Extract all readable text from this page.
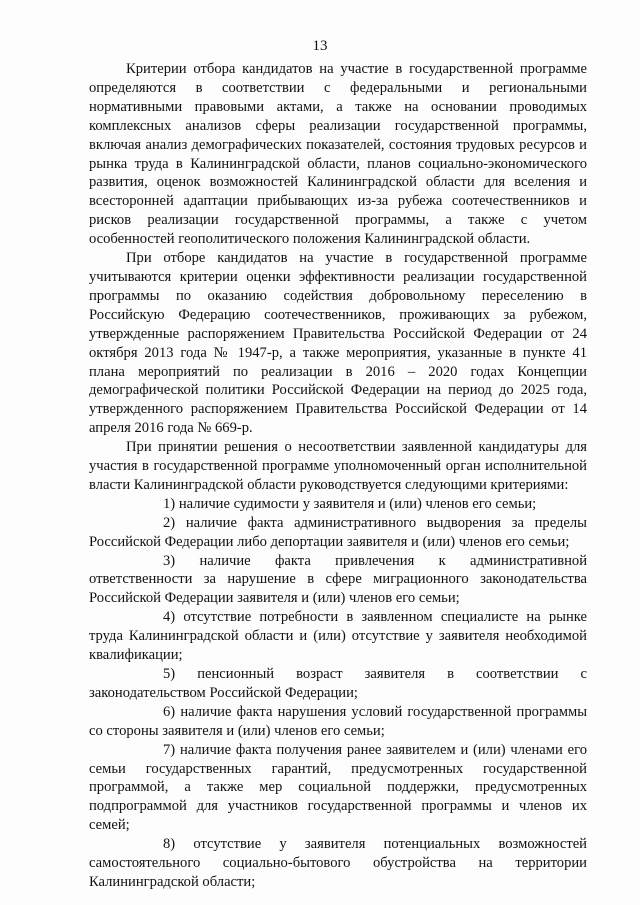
13

Критерии отбора кандидатов на участие в государственной программе определяются в соответствии с федеральными и региональными нормативными правовыми актами, а также на основании проводимых комплексных анализов сферы реализации государственной программы, включая анализ демографических показателей, состояния трудовых ресурсов и рынка труда в Калининградской области, планов социально-экономического развития, оценок возможностей Калининградской области для вселения и всесторонней адаптации прибывающих из-за рубежа соотечественников и рисков реализации государственной программы, а также с учетом особенностей геополитического положения Калининградской области.

При отборе кандидатов на участие в государственной программе учитываются критерии оценки эффективности реализации государственной программы по оказанию содействия добровольному переселению в Российскую Федерацию соотечественников, проживающих за рубежом, утвержденные распоряжением Правительства Российской Федерации от 24 октября 2013 года № 1947-р, а также мероприятия, указанные в пункте 41 плана мероприятий по реализации в 2016 – 2020 годах Концепции демографической политики Российской Федерации на период до 2025 года, утвержденного распоряжением Правительства Российской Федерации от 14 апреля 2016 года № 669-р.

При принятии решения о несоответствии заявленной кандидатуры для участия в государственной программе уполномоченный орган исполнительной власти Калининградской области руководствуется следующими критериями:

1) наличие судимости у заявителя и (или) членов его семьи;

2) наличие факта административного выдворения за пределы Российской Федерации либо депортации заявителя и (или) членов его семьи;

3) наличие факта привлечения к административной ответственности за нарушение в сфере миграционного законодательства Российской Федерации заявителя и (или) членов его семьи;

4) отсутствие потребности в заявленном специалисте на рынке труда Калининградской области и (или) отсутствие у заявителя необходимой квалификации;

5) пенсионный возраст заявителя в соответствии с законодательством Российской Федерации;

6) наличие факта нарушения условий государственной программы со стороны заявителя и (или) членов его семьи;

7) наличие факта получения ранее заявителем и (или) членами его семьи государственных гарантий, предусмотренных государственной программой, а также мер социальной поддержки, предусмотренных подпрограммой для участников государственной программы и членов их семей;

8) отсутствие у заявителя потенциальных возможностей самостоятельного социально-бытового обустройства на территории Калининградской области;
